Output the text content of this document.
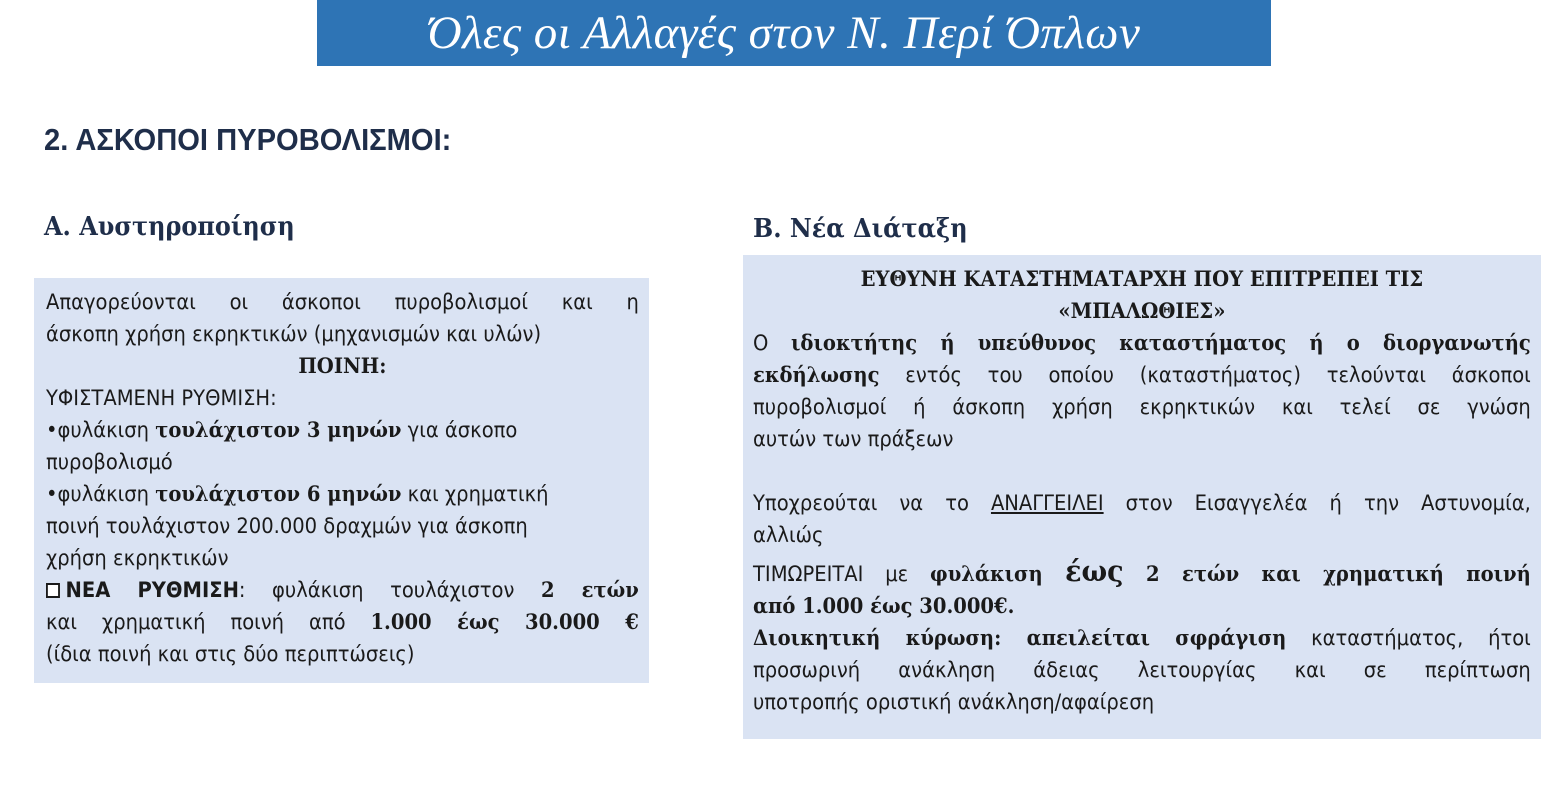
Όλες οι Αλλαγές στον Ν. Περί Όπλων
2. ΑΣΚΟΠΟΙ ΠΥΡΟΒΟΛΙΣΜΟΙ:
Α. Αυστηροποίηση	Β. Νέα Διάταξη
Απαγορεύονται οι άσκοποι πυροβολισμοί και η
άσκοπη χρήση εκρηκτικών (μηχανισμών και υλών)
ΠΟΙΝΗ:
ΥΦΙΣΤΑΜΕΝΗ ΡΥΘΜΙΣΗ:
•φυλάκιση τουλάχιστον 3 μηνών για άσκοπο
πυροβολισμό
•φυλάκιση τουλάχιστον 6 μηνών και χρηματική
ποινή τουλάχιστον 200.000 δραχμών για άσκοπη
χρήση εκρηκτικών
ΝΕΑ ΡΥΘΜΙΣΗ: φυλάκιση τουλάχιστον 2 ετών
και χρηματική ποινή από 1.000 έως 30.000 €
(ίδια ποινή και στις δύο περιπτώσεις)
ΕΥΘΥΝΗ ΚΑΤΑΣΤΗΜΑΤΑΡΧΗ ΠΟΥ ΕΠΙΤΡΕΠΕΙ ΤΙΣ
«ΜΠΑΛΩΘΙΕΣ»
Ο ιδιοκτήτης ή υπεύθυνος καταστήματος ή ο διοργανωτής
εκδήλωσης εντός του οποίου (καταστήματος) τελούνται άσκοποι
πυροβολισμοί ή άσκοπη χρήση εκρηκτικών και τελεί σε γνώση
αυτών των πράξεων
Υποχρεούται να το ΑΝΑΓΓΕΙΛΕΙ στον Εισαγγελέα ή την Αστυνομία,
αλλιώς
ΤΙΜΩΡΕΙΤΑΙ με φυλάκιση έως 2 ετών και χρηματική ποινή
από 1.000 έως 30.000€.
Διοικητική κύρωση: απειλείται σφράγιση καταστήματος, ήτοι
προσωρινή ανάκληση άδειας λειτουργίας και σε περίπτωση
υποτροπής οριστική ανάκληση/αφαίρεση
